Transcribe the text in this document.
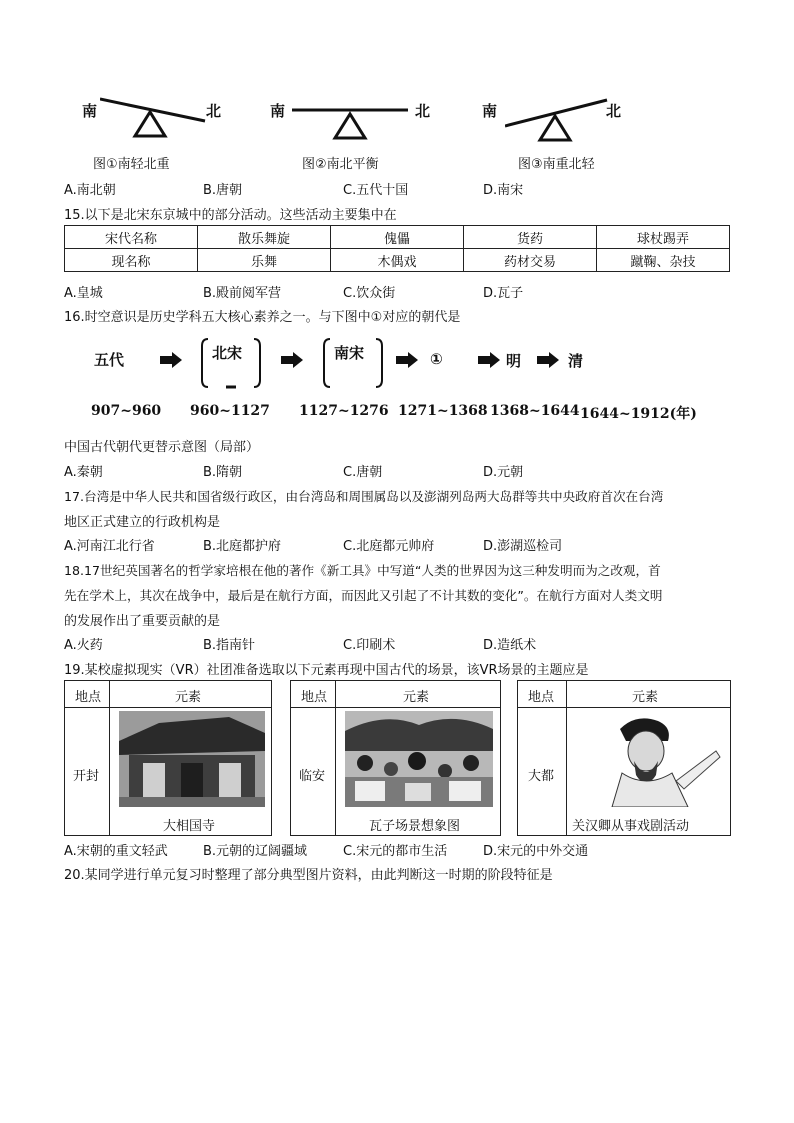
南	北
图①南轻北重
南	北
图②南北平衡
南	北
图③南重北轻
A.南北朝	B.唐朝	C.五代十国	D.南宋
15.以下是北宋东京城中的部分活动。这些活动主要集中在
宋代名称	散乐舞旋	傀儡	货药	球杖踢弄
现名称	乐舞	木偶戏	药材交易	蹴鞠、杂技
A.皇城	B.殿前阅军营	C.饮众街	D.瓦子
16.时空意识是历史学科五大核心素养之一。与下图中①对应的朝代是
五代	北宋	南宋	①	明	清
907~960 960~1127 1127~1276 1271~1368 1368~1644 1644~1912(年)
中国古代朝代更替示意图（局部）
A.秦朝	B.隋朝	C.唐朝	D.元朝
17.台湾是中华人民共和国省级行政区，由台湾岛和周围属岛以及澎湖列岛两大岛群等共中央政府首次在台湾
地区正式建立的行政机构是
A.河南江北行省	B.北庭都护府	C.北庭都元帅府	D.澎湖巡检司
18.17世纪英国著名的哲学家培根在他的著作《新工具》中写道“人类的世界因为这三种发明而为之改观，首
先在学术上，其次在战争中，最后是在航行方面，而因此又引起了不计其数的变化”。在航行方面对人类文明
的发展作出了重要贡献的是
A.火药	B.指南针	C.印刷术	D.造纸术
19.某校虚拟现实（VR）社团准备选取以下元素再现中国古代的场景，该VR场景的主题应是
地点	元素
开封
大相国寺
地点	元素
临安
瓦子场景想象图
地点	元素
大都
关汉卿从事戏剧活动
A.宋朝的重文轻武	B.元朝的辽阔疆域	C.宋元的都市生活	D.宋元的中外交通
20.某同学进行单元复习时整理了部分典型图片资料，由此判断这一时期的阶段特征是
